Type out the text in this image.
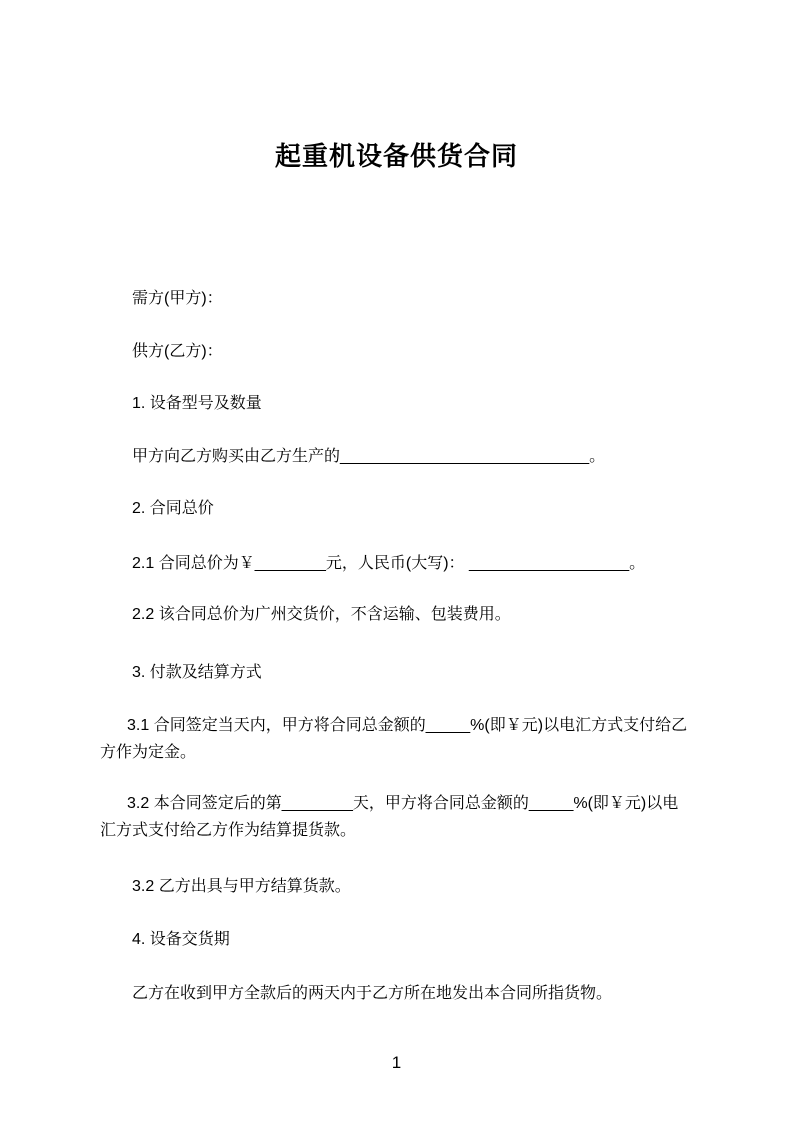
起重机设备供货合同

需方(甲方)：

供方(乙方)：

1. 设备型号及数量

甲方向乙方购买由乙方生产的____________________________。

2. 合同总价

2.1 合同总价为￥________元，人民币(大写)： __________________。

2.2 该合同总价为广州交货价，不含运输、包装费用。

3. 付款及结算方式

3.1 合同签定当天内，甲方将合同总金额的_____%(即￥元)以电汇方式支付给乙方作为定金。

3.2 本合同签定后的第________天，甲方将合同总金额的_____%(即￥元)以电汇方式支付给乙方作为结算提货款。

3.2 乙方出具与甲方结算货款。

4. 设备交货期

乙方在收到甲方全款后的两天内于乙方所在地发出本合同所指货物。

1
